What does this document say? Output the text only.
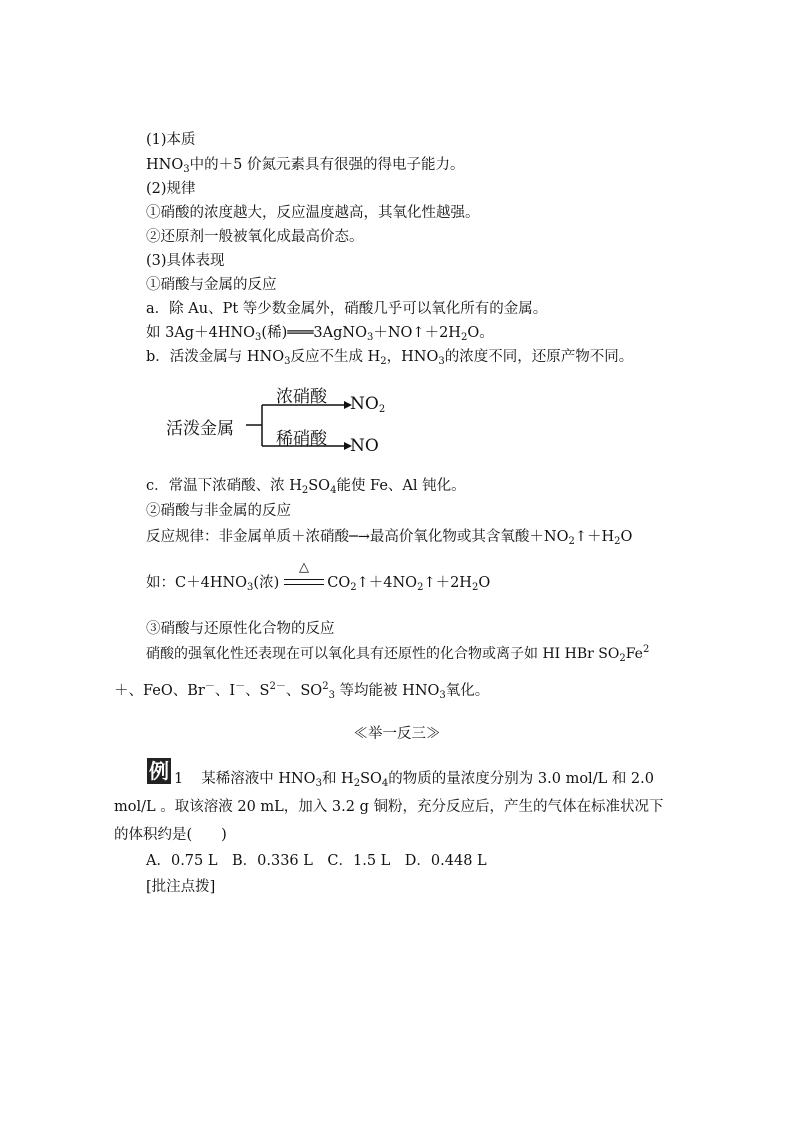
(1)本质
$HNO_3$中的＋5 价氮元素具有很强的得电子能力。
(2)规律
①硝酸的浓度越大，反应温度越高，其氧化性越强。
②还原剂一般被氧化成最高价态。
(3)具体表现
①硝酸与金属的反应
a．除 Au、Pt 等少数金属外，硝酸几乎可以氧化所有的金属。
如 $3Ag+4HNO_3$(稀)$═══3AgNO_3+NO↑+2H_2O$。
b．活泼金属与 $HNO_3$反应不生成 $H_2$，$HNO_3$的浓度不同，还原产物不同。
活泼金属
浓硝酸 $NO_2$
稀硝酸 NO
c．常温下浓硝酸、浓 $H_2SO_4$能使 Fe、Al 钝化。
②硝酸与非金属的反应
反应规律：非金属单质＋浓硝酸─→最高价氧化物或其含氧酸$+NO_2↑+H_2O$
△
如：$C+4HNO_3$(浓)	$CO_2↑+4NO_2↑+2H_2O$
③硝酸与还原性化合物的反应
硝酸的强氧化性还表现在可以氧化具有还原性的化合物或离子如 HI HBr $SO_2Fe^2$
＋、FeO、Br－、I－、$S^{2-}$、$SO^2_3$ 等均能被 $HNO_3$氧化。
≪举一反三≫
例 1 某稀溶液中 $HNO_3$和 $H_2SO_4$的物质的量浓度分别为 3.0 mol/L 和 2.0
mol/L 。取该溶液 20 mL，加入 3.2 g 铜粉，充分反应后，产生的气体在标准状况下
的体积约是(　　)
A．0.75 L　B．0.336 L　C．1.5 L　D．0.448 L
[批注点拨]
